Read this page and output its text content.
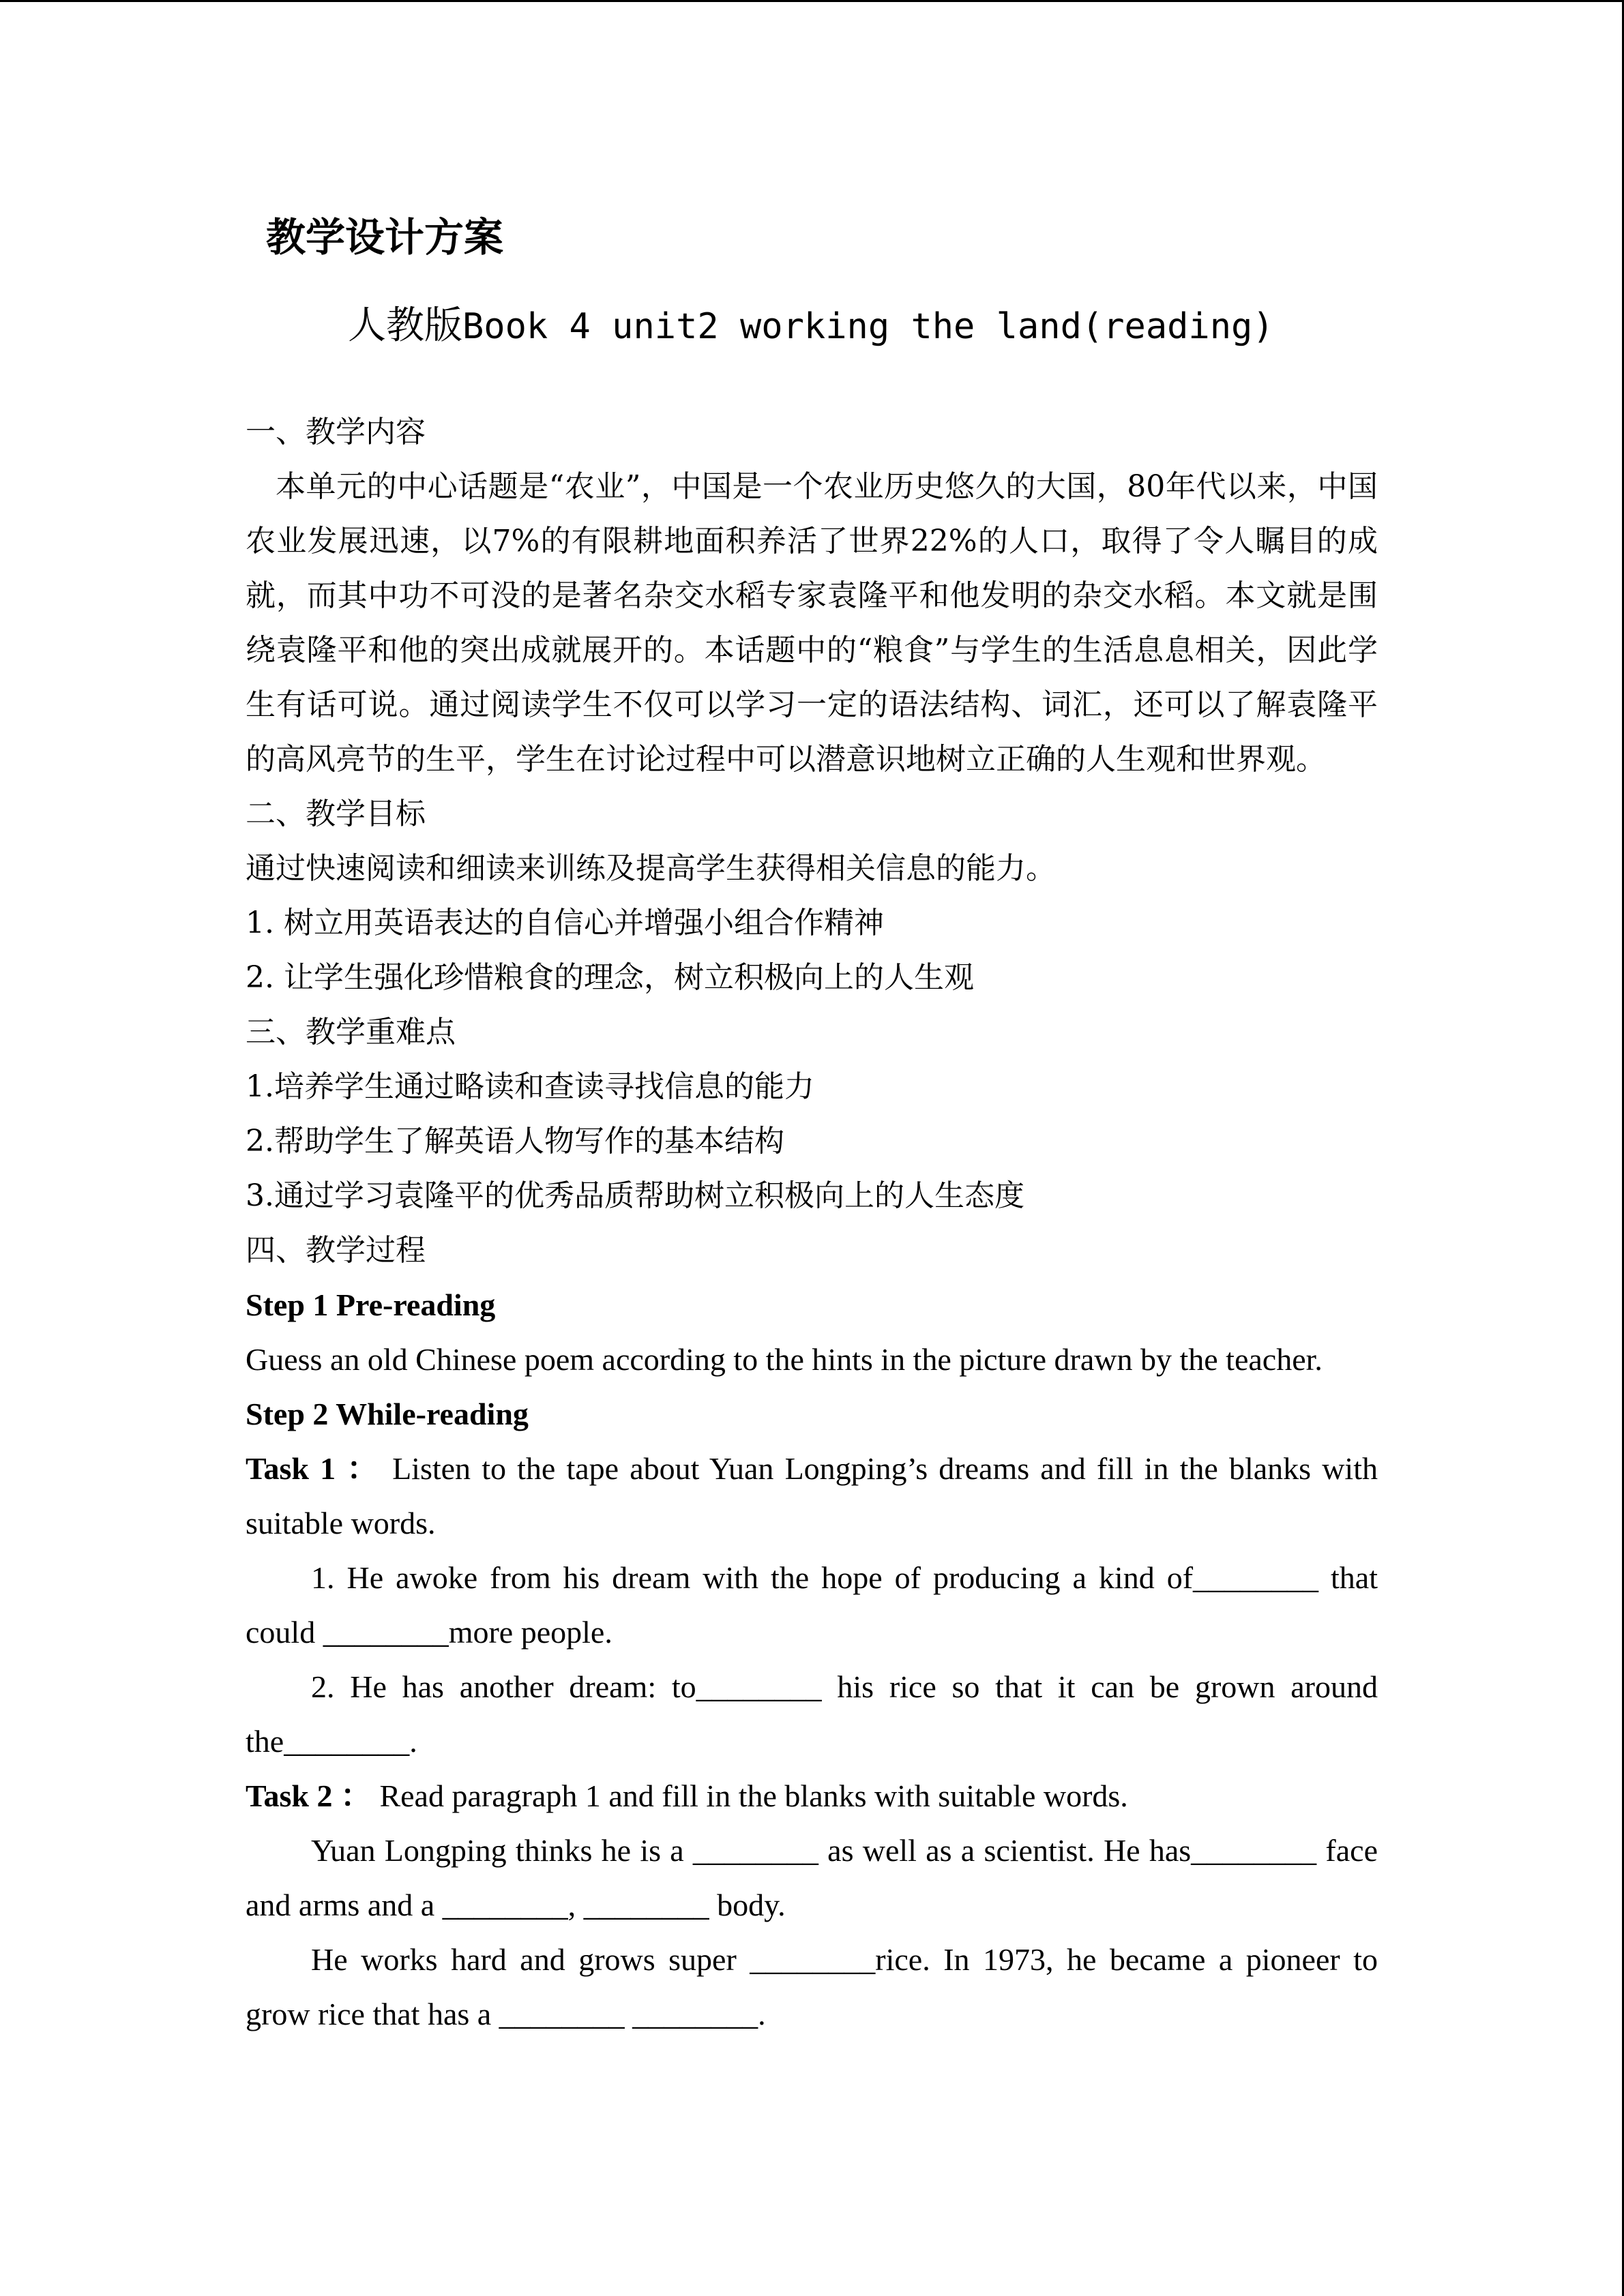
教学设计方案
人教版Book 4 unit2 working the land(reading)
一、教学内容
本单元的中心话题是“农业”，中国是一个农业历史悠久的大国，80年代以来，中国农业发展迅速，以7%的有限耕地面积养活了世界22%的人口，取得了令人瞩目的成就，而其中功不可没的是著名杂交水稻专家袁隆平和他发明的杂交水稻。本文就是围绕袁隆平和他的突出成就展开的。本话题中的“粮食”与学生的生活息息相关，因此学生有话可说。通过阅读学生不仅可以学习一定的语法结构、词汇，还可以了解袁隆平的高风亮节的生平，学生在讨论过程中可以潜意识地树立正确的人生观和世界观。
二、教学目标
通过快速阅读和细读来训练及提高学生获得相关信息的能力。
1. 树立用英语表达的自信心并增强小组合作精神
2. 让学生强化珍惜粮食的理念，树立积极向上的人生观
三、教学重难点
1.培养学生通过略读和查读寻找信息的能力
2.帮助学生了解英语人物写作的基本结构
3.通过学习袁隆平的优秀品质帮助树立积极向上的人生态度
四、教学过程
Step 1 Pre-reading
Guess an old Chinese poem according to the hints in the picture drawn by the teacher.
Step 2 While-reading
Task 1 ： Listen to the tape about Yuan Longping’s dreams and fill in the blanks with suitable words.
1. He awoke from his dream with the hope of producing a kind of________ that could ________more people.
2. He has another dream: to________ his rice so that it can be grown around the________.
Task 2 ： Read paragraph 1 and fill in the blanks with suitable words.
Yuan Longping thinks he is a ________ as well as a scientist. He has________ face and arms and a ________, ________ body.
He works hard and grows super ________rice. In 1973, he became a pioneer to grow rice that has a ________ ________.
